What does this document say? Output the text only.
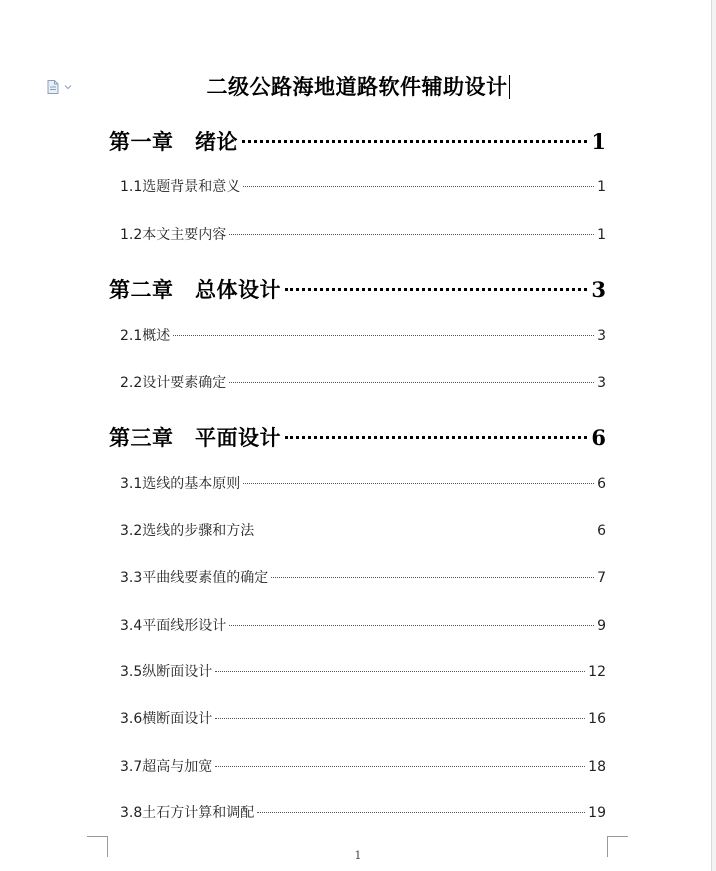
二级公路海地道路软件辅助设计
第一章　绪论	1
1.1选题背景和意义	1
1.2本文主要内容	1
第二章　总体设计	3
2.1概述	3
2.2设计要素确定	3
第三章　平面设计	6
3.1选线的基本原则	6
3.2选线的步骤和方法	6
3.3平曲线要素值的确定	7
3.4平面线形设计	9
3.5纵断面设计	12
3.6横断面设计	16
3.7超高与加宽	18
3.8土石方计算和调配	19
1
